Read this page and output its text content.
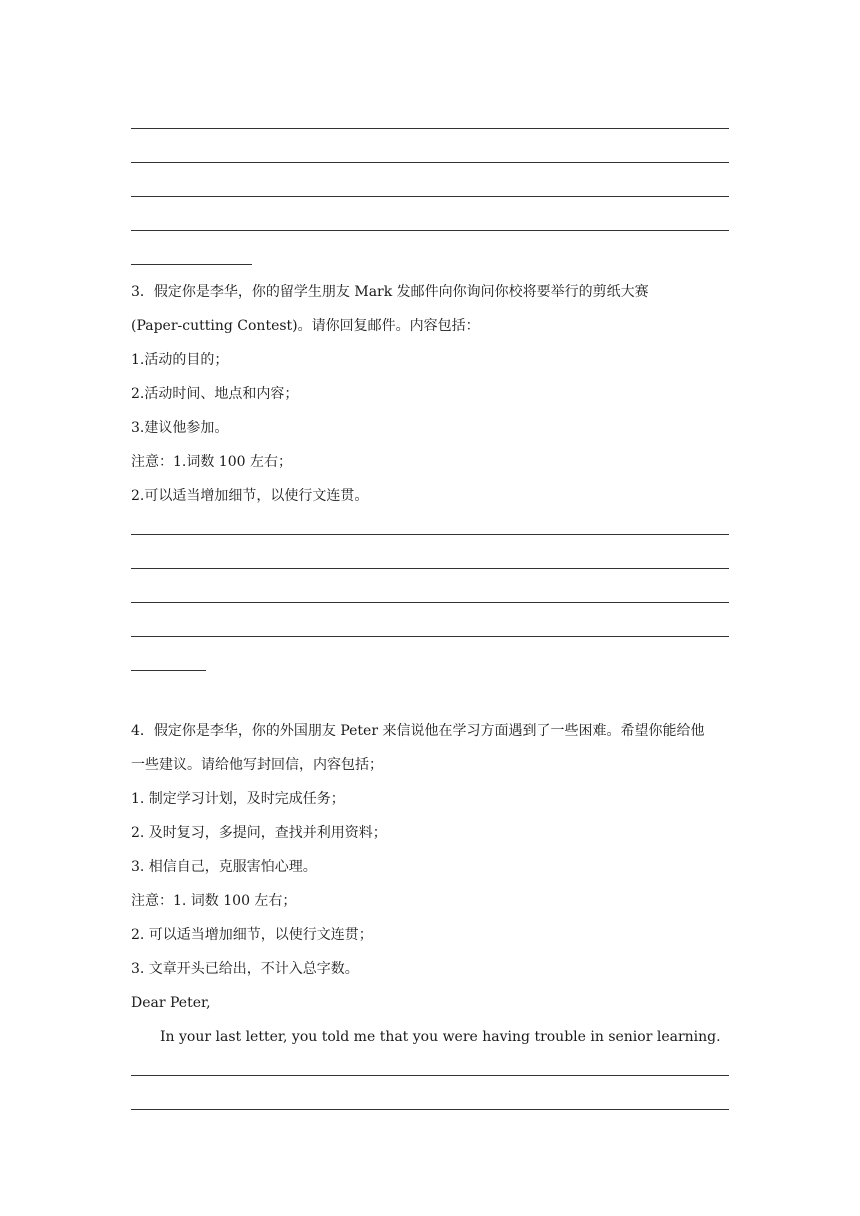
3．假定你是李华，你的留学生朋友 Mark 发邮件向你询问你校将要举行的剪纸大赛
(Paper-cutting Contest)。请你回复邮件。内容包括：
1.活动的目的；
2.活动时间、地点和内容；
3.建议他参加。
注意：1.词数 100 左右；
2.可以适当增加细节，以使行文连贯。
4．假定你是李华，你的外国朋友 Peter 来信说他在学习方面遇到了一些困难。希望你能给他
一些建议。请给他写封回信，内容包括；
1. 制定学习计划，及时完成任务；
2. 及时复习，多提问，查找并利用资料；
3. 相信自己，克服害怕心理。
注意：1. 词数 100 左右；
2. 可以适当增加细节，以使行文连贯；
3. 文章开头已给出，不计入总字数。
Dear Peter,
In your last letter, you told me that you were having trouble in senior learning.
